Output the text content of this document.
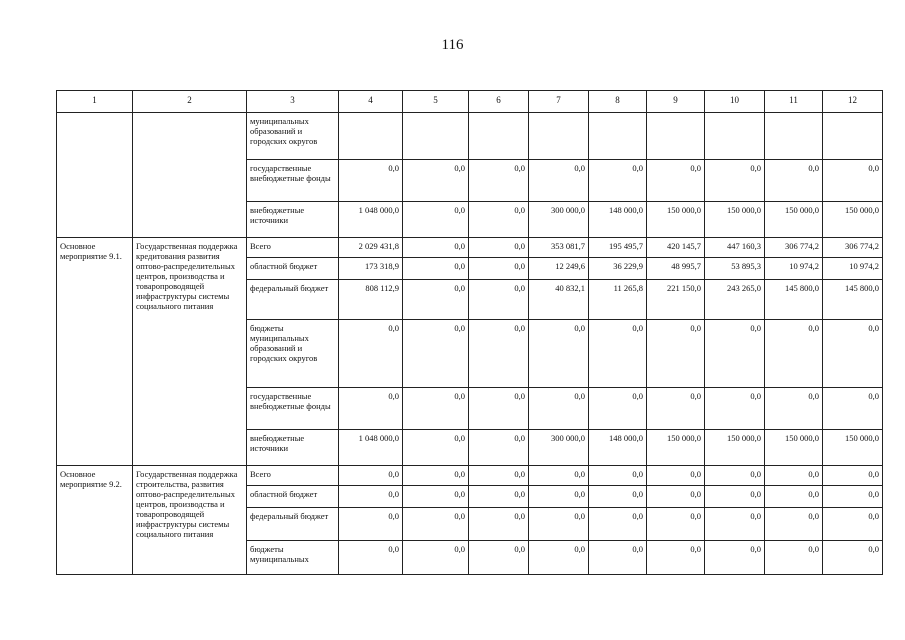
116
1	2	3	4	5	6	7	8	9	10	11	12
		муниципальных образований и городских округов									
		государственные внебюджетные фонды	0,0	0,0	0,0	0,0	0,0	0,0	0,0	0,0	0,0
		внебюджетные источники	1 048 000,0	0,0	0,0	300 000,0	148 000,0	150 000,0	150 000,0	150 000,0	150 000,0
Основное мероприятие 9.1.	Государственная поддержка кредитования развития оптово-распределительных центров, производства и товаропроводящей инфраструктуры системы социального питания	Всего	2 029 431,8	0,0	0,0	353 081,7	195 495,7	420 145,7	447 160,3	306 774,2	306 774,2
		областной бюджет	173 318,9	0,0	0,0	12 249,6	36 229,9	48 995,7	53 895,3	10 974,2	10 974,2
		федеральный бюджет	808 112,9	0,0	0,0	40 832,1	11 265,8	221 150,0	243 265,0	145 800,0	145 800,0
		бюджеты муниципальных образований и городских округов	0,0	0,0	0,0	0,0	0,0	0,0	0,0	0,0	0,0
		государственные внебюджетные фонды	0,0	0,0	0,0	0,0	0,0	0,0	0,0	0,0	0,0
		внебюджетные источники	1 048 000,0	0,0	0,0	300 000,0	148 000,0	150 000,0	150 000,0	150 000,0	150 000,0
Основное мероприятие 9.2.	Государственная поддержка строительства, развития оптово-распределительных центров, производства и товаропроводящей инфраструктуры системы социального питания	Всего	0,0	0,0	0,0	0,0	0,0	0,0	0,0	0,0	0,0
		областной бюджет	0,0	0,0	0,0	0,0	0,0	0,0	0,0	0,0	0,0
		федеральный бюджет	0,0	0,0	0,0	0,0	0,0	0,0	0,0	0,0	0,0
		бюджеты муниципальных	0,0	0,0	0,0	0,0	0,0	0,0	0,0	0,0	0,0
